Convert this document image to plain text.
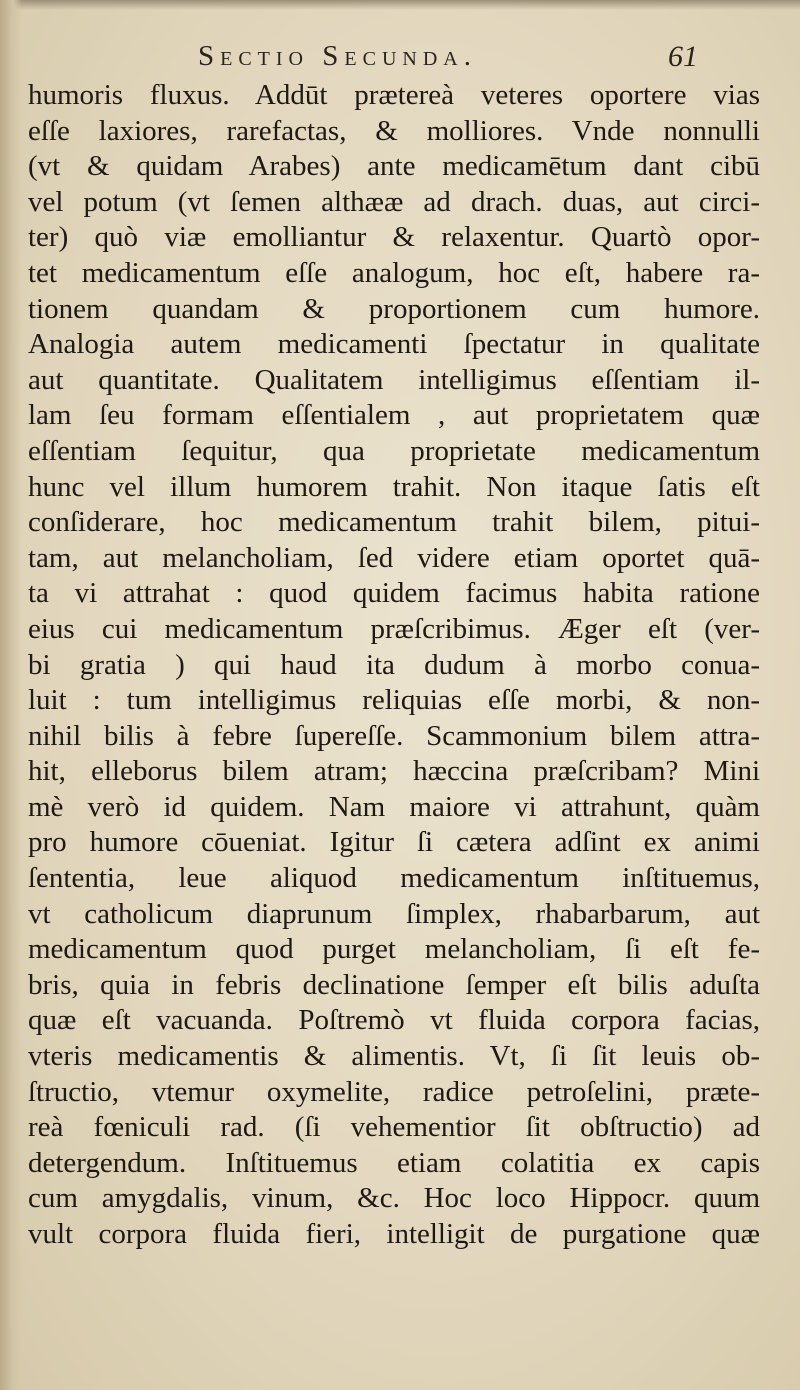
Sectio Secunda.	61
humoris fluxus. Addūt prætereà veteres oportere vias
eſſe laxiores, rarefactas, & molliores. Vnde nonnulli
(vt & quidam Arabes) ante medicamētum dant cibū
vel potum (vt ſemen althææ ad drach. duas, aut circi-
ter) quò viæ emolliantur & relaxentur. Quartò opor-
tet medicamentum eſſe analogum, hoc eſt, habere ra-
tionem quandam & proportionem cum humore.
Analogia autem medicamenti ſpectatur in qualitate
aut quantitate. Qualitatem intelligimus eſſentiam il-
lam ſeu formam eſſentialem , aut proprietatem quæ
eſſentiam ſequitur, qua proprietate medicamentum
hunc vel illum humorem trahit. Non itaque ſatis eſt
conſiderare, hoc medicamentum trahit bilem, pitui-
tam, aut melancholiam, ſed videre etiam oportet quā-
ta vi attrahat : quod quidem facimus habita ratione
eius cui medicamentum præſcribimus. Æger eſt (ver-
bi gratia ) qui haud ita dudum à morbo conua-
luit : tum intelligimus reliquias eſſe morbi, & non-
nihil bilis à febre ſupereſſe. Scammonium bilem attra-
hit, elleborus bilem atram; hæccina præſcribam? Mini
mè verò id quidem. Nam maiore vi attrahunt, quàm
pro humore cōueniat. Igitur ſi cætera adſint ex animi
ſententia, leue aliquod medicamentum inſtituemus,
vt catholicum diaprunum ſimplex, rhabarbarum, aut
medicamentum quod purget melancholiam, ſi eſt fe-
bris, quia in febris declinatione ſemper eſt bilis aduſta
quæ eſt vacuanda. Poſtremò vt fluida corpora facias,
vteris medicamentis & alimentis. Vt, ſi ſit leuis ob-
ſtructio, vtemur oxymelite, radice petroſelini, præte-
reà fœniculi rad. (ſi vehementior ſit obſtructio) ad
detergendum. Inſtituemus etiam colatitia ex capis
cum amygdalis, vinum, &c. Hoc loco Hippocr. quum
vult corpora fluida fieri, intelligit de purgatione quæ
